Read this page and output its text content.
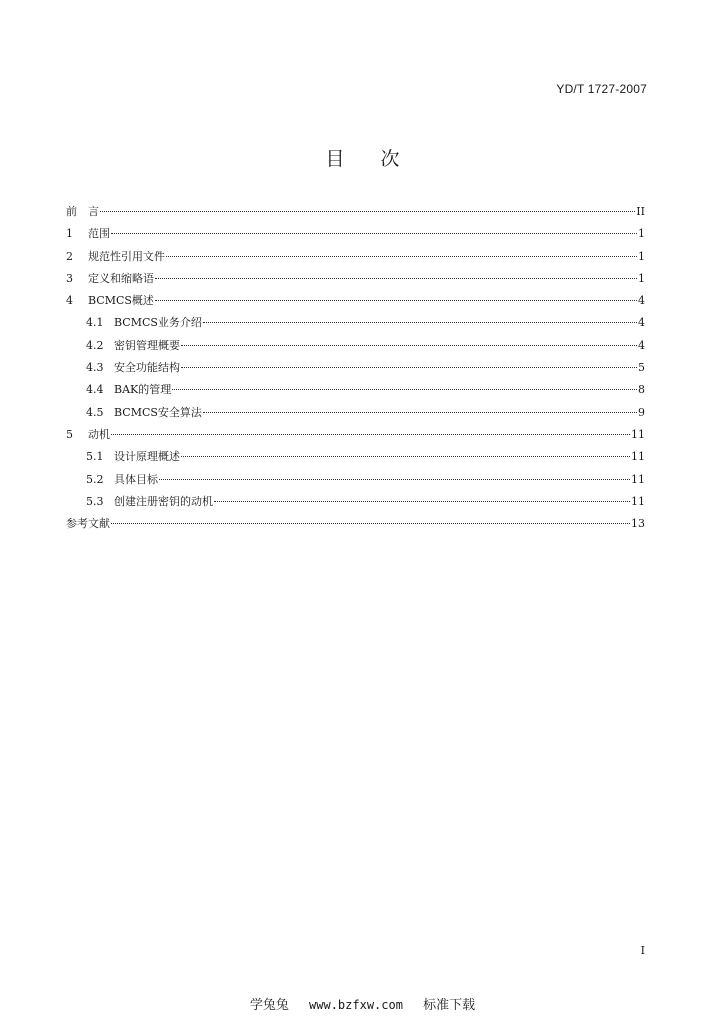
YD/T 1727-2007
目次
前　言	II
1	范围	1
2	规范性引用文件	1
3	定义和缩略语	1
4	BCMCS概述	4
4.1 BCMCS业务介绍	4
4.2 密钥管理概要	4
4.3 安全功能结构	5
4.4 BAK的管理	8
4.5 BCMCS安全算法	9
5	动机	11
5.1 设计原理概述	11
5.2 具体目标	11
5.3 创建注册密钥的动机	11
参考文献	13
I
学兔兔 www.bzfxw.com 标准下载
